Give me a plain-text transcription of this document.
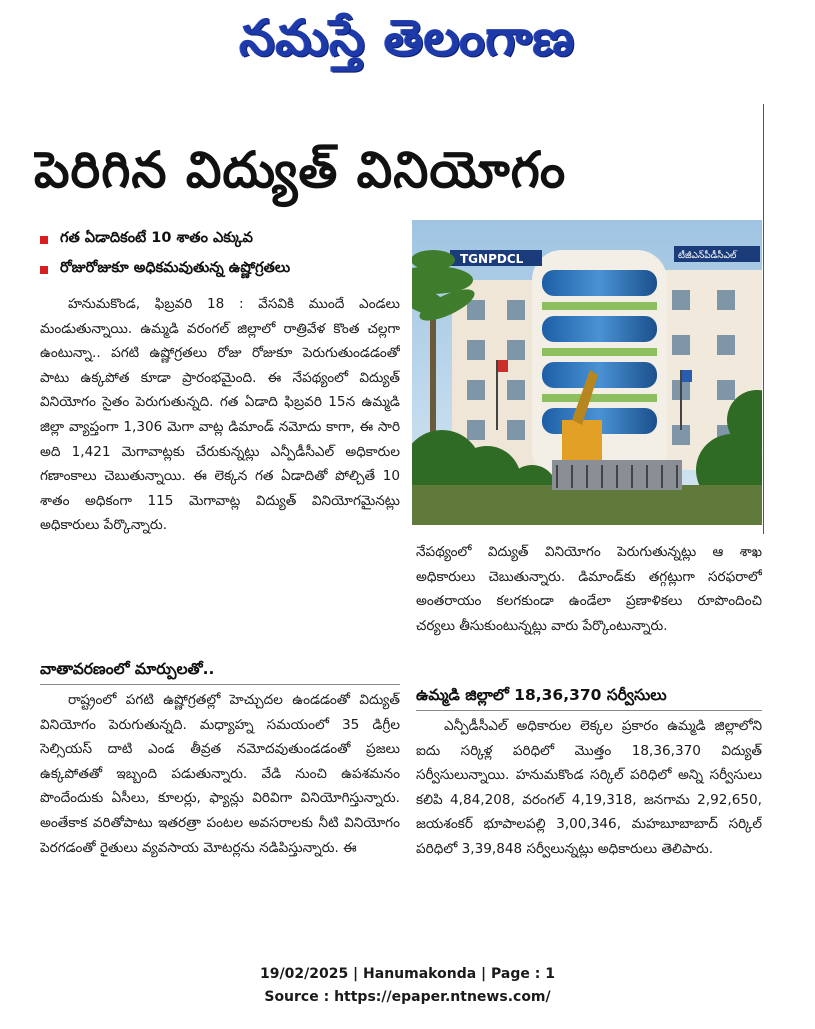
నమస్తే తెలంగాణ
పెరిగిన విద్యుత్ వినియోగం
గత ఏడాదికంటే 10 శాతం ఎక్కువ
రోజురోజుకూ అధికమవుతున్న ఉష్ణోగ్రతలు

హనుమకొండ, ఫిబ్రవరి 18 : వేసవికి ముందే ఎండలు మండుతున్నాయి. ఉమ్మడి వరంగల్ జిల్లాలో రాత్రివేళ కొంత చల్లగా ఉంటున్నా.. పగటి ఉష్ణోగ్రతలు రోజు రోజుకూ పెరుగుతుండడంతో పాటు ఉక్కపోత కూడా ప్రారంభమైంది. ఈ నేపథ్యంలో విద్యుత్ వినియోగం సైతం పెరుగుతున్నది. గత ఏడాది ఫిబ్రవరి 15న ఉమ్మడి జిల్లా వ్యాప్తంగా 1,306 మెగా వాట్ల డిమాండ్ నమోదు కాగా, ఈ సారి అది 1,421 మెగావాట్లకు చేరుకున్నట్లు ఎన్పీడీసీఎల్ అధికారుల గణాంకాలు చెబుతున్నాయి. ఈ లెక్కన గత ఏడాదితో పోల్చితే 10 శాతం అధికంగా 115 మెగావాట్ల విద్యుత్ వినియోగమైనట్లు అధికారులు పేర్కొన్నారు.

వాతావరణంలో మార్పులతో..

రాష్ట్రంలో పగటి ఉష్ణోగ్రతల్లో హెచ్చుదల ఉండడంతో విద్యుత్ వినియోగం పెరుగుతున్నది. మధ్యాహ్న సమయంలో 35 డిగ్రీల సెల్సియస్ దాటి ఎండ తీవ్రత నమోదవుతుండడంతో ప్రజలు ఉక్కపోతతో ఇబ్బంది పడుతున్నారు. వేడి నుంచి ఉపశమనం పొందేందుకు ఏసీలు, కూలర్లు, ఫ్యాన్లు విరివిగా వినియోగిస్తున్నారు. అంతేకాక వరితోపాటు ఇతరత్రా పంటల అవసరాలకు నీటి వినియోగం పెరగడంతో రైతులు వ్యవసాయ మోటర్లను నడిపిస్తున్నారు. ఈ

TGNPDCL	టీజీఎన్‌పీడీసీఎల్

నేపథ్యంలో విద్యుత్ వినియోగం పెరుగుతున్నట్లు ఆ శాఖ అధికారులు చెబుతున్నారు. డిమాండ్‌కు తగ్గట్లుగా సరఫరాలో అంతరాయం కలగకుండా ఉండేలా ప్రణాళికలు రూపొందించి చర్యలు తీసుకుంటున్నట్లు వారు పేర్కొంటున్నారు.

ఉమ్మడి జిల్లాలో 18,36,370 సర్వీసులు

ఎన్పీడీసీఎల్ అధికారుల లెక్కల ప్రకారం ఉమ్మడి జిల్లాలోని ఐదు సర్కిళ్ల పరిధిలో మొత్తం 18,36,370 విద్యుత్ సర్వీసులున్నాయి. హనుమకొండ సర్కిల్ పరిధిలో అన్ని సర్వీసులు కలిపి 4,84,208, వరంగల్ 4,19,318, జనగామ 2,92,650, జయశంకర్ భూపాలపల్లి 3,00,346, మహబూబాబాద్ సర్కిల్ పరిధిలో 3,39,848 సర్వీలున్నట్లు అధికారులు తెలిపారు.

19/02/2025 | Hanumakonda | Page : 1
Source : https://epaper.ntnews.com/
